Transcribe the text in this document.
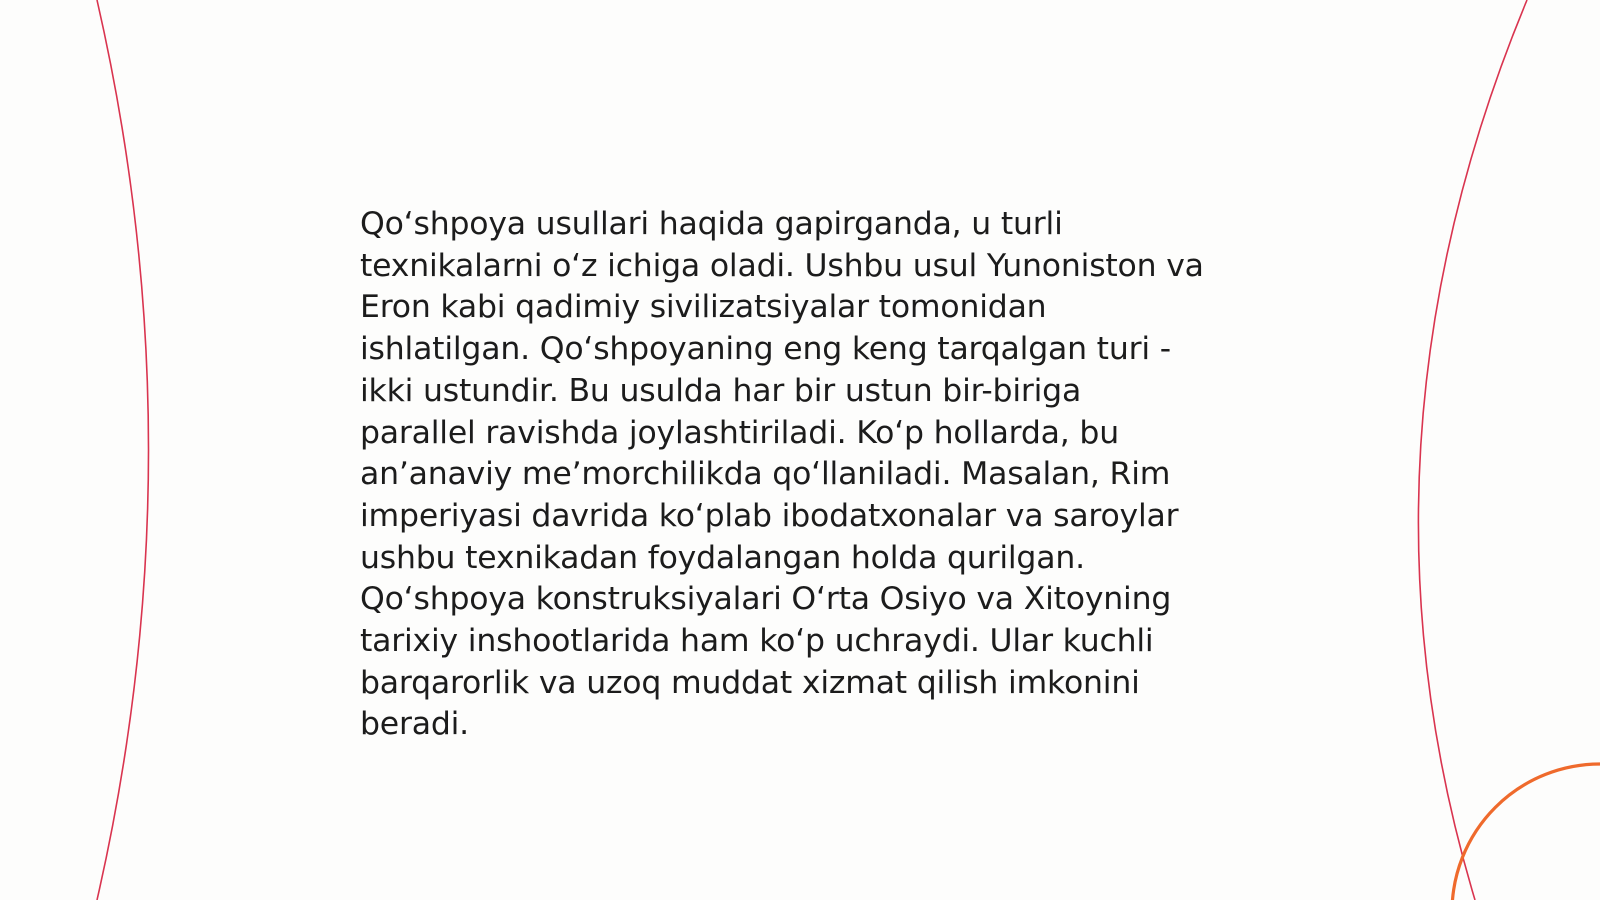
Qo‘shpoya usullari haqida gapirganda, u turli
texnikalarni o‘z ichiga oladi. Ushbu usul Yunoniston va
Eron kabi qadimiy sivilizatsiyalar tomonidan
ishlatilgan. Qo‘shpoyaning eng keng tarqalgan turi -
ikki ustundir. Bu usulda har bir ustun bir-biriga
parallel ravishda joylashtiriladi. Ko‘p hollarda, bu
an’anaviy me’morchilikda qo‘llaniladi. Masalan, Rim
imperiyasi davrida ko‘plab ibodatxonalar va saroylar
ushbu texnikadan foydalangan holda qurilgan.
Qo‘shpoya konstruksiyalari O‘rta Osiyo va Xitoyning
tarixiy inshootlarida ham ko‘p uchraydi. Ular kuchli
barqarorlik va uzoq muddat xizmat qilish imkonini
beradi.
